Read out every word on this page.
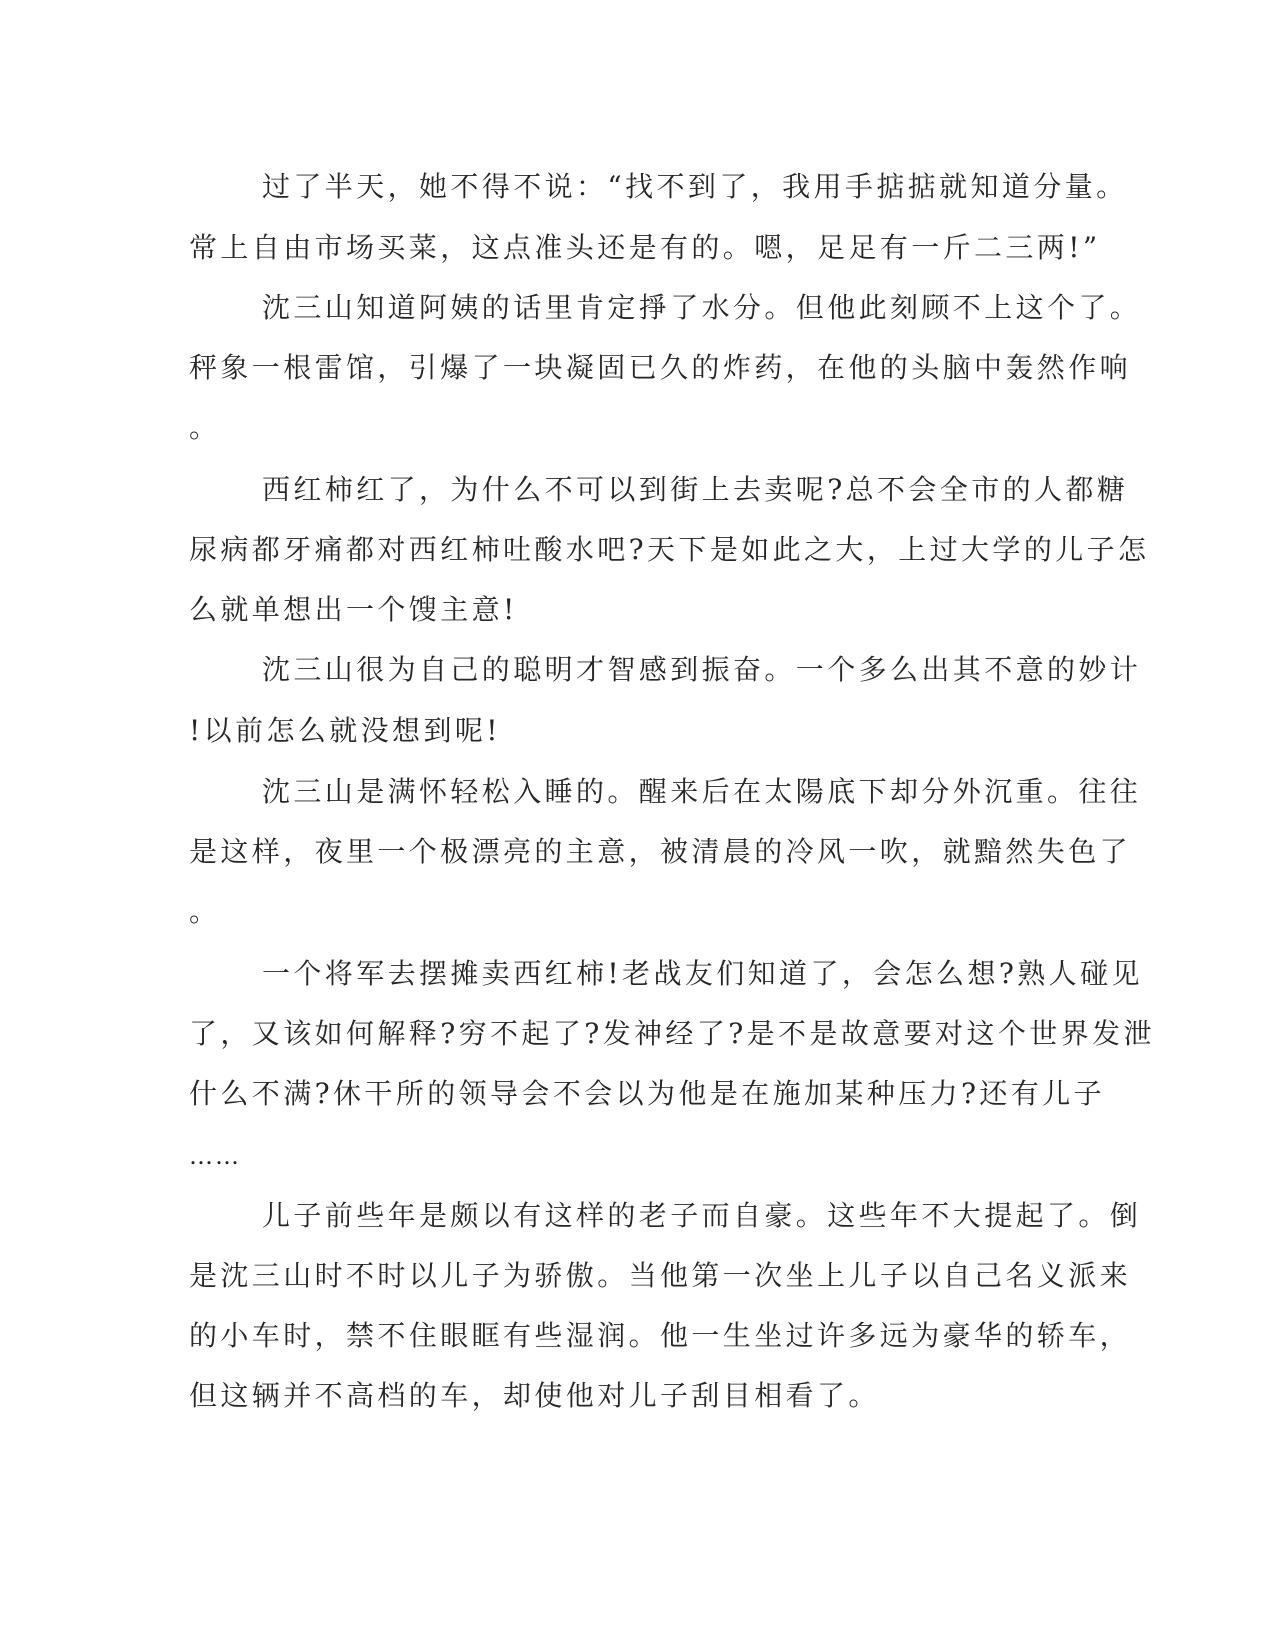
过了半天，她不得不说：“找不到了，我用手掂掂就知道分量。

常上自由市场买菜，这点准头还是有的。嗯，足足有一斤二三两!”

沈三山知道阿姨的话里肯定掙了水分。但他此刻顾不上这个了。

秤象一根雷馆，引爆了一块凝固已久的炸药，在他的头脑中轰然作响

。

西红柿红了，为什么不可以到街上去卖呢?总不会全市的人都糖

尿病都牙痛都对西红柿吐酸水吧?天下是如此之大，上过大学的儿子怎

么就单想出一个馊主意!

沈三山很为自己的聪明才智感到振奋。一个多么出其不意的妙计

!以前怎么就没想到呢!

沈三山是满怀轻松入睡的。醒来后在太陽底下却分外沉重。往往

是这样，夜里一个极漂亮的主意，被清晨的冷风一吹，就黯然失色了

。

一个将军去摆摊卖西红柿!老战友们知道了，会怎么想?熟人碰见

了，又该如何解释?穷不起了?发神经了?是不是故意要对这个世界发泄

什么不满?休干所的领导会不会以为他是在施加某种压力?还有儿子

……

儿子前些年是颇以有这样的老子而自豪。这些年不大提起了。倒

是沈三山时不时以儿子为骄傲。当他第一次坐上儿子以自己名义派来

的小车时，禁不住眼眶有些湿润。他一生坐过许多远为豪华的轿车，

但这辆并不高档的车，却使他对儿子刮目相看了。
